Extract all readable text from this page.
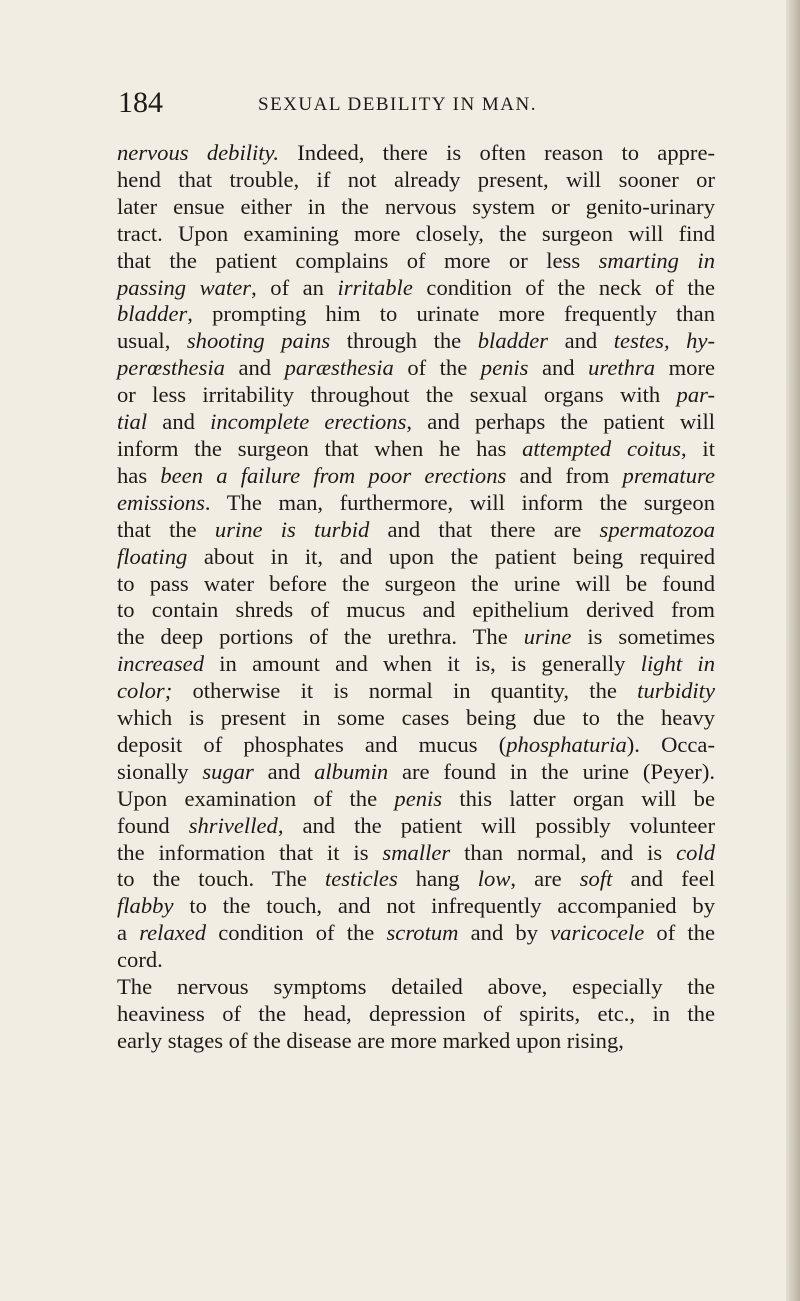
184	SEXUAL DEBILITY IN MAN.
nervous debility. Indeed, there is often reason to appre-
hend that trouble, if not already present, will sooner or
later ensue either in the nervous system or genito-urinary
tract. Upon examining more closely, the surgeon will find
that the patient complains of more or less smarting in
passing water, of an irritable condition of the neck of the
bladder, prompting him to urinate more frequently than
usual, shooting pains through the bladder and testes, hy-
perœsthesia and paræsthesia of the penis and urethra more
or less irritability throughout the sexual organs with par-
tial and incomplete erections, and perhaps the patient will
inform the surgeon that when he has attempted coitus, it
has been a failure from poor erections and from premature
emissions. The man, furthermore, will inform the surgeon
that the urine is turbid and that there are spermatozoa
floating about in it, and upon the patient being required
to pass water before the surgeon the urine will be found
to contain shreds of mucus and epithelium derived from
the deep portions of the urethra. The urine is sometimes
increased in amount and when it is, is generally light in
color; otherwise it is normal in quantity, the turbidity
which is present in some cases being due to the heavy
deposit of phosphates and mucus (phosphaturia). Occa-
sionally sugar and albumin are found in the urine (Peyer).
Upon examination of the penis this latter organ will be
found shrivelled, and the patient will possibly volunteer
the information that it is smaller than normal, and is cold
to the touch. The testicles hang low, are soft and feel
flabby to the touch, and not infrequently accompanied by
a relaxed condition of the scrotum and by varicocele of the
cord.
The nervous symptoms detailed above, especially the
heaviness of the head, depression of spirits, etc., in the
early stages of the disease are more marked upon rising,
